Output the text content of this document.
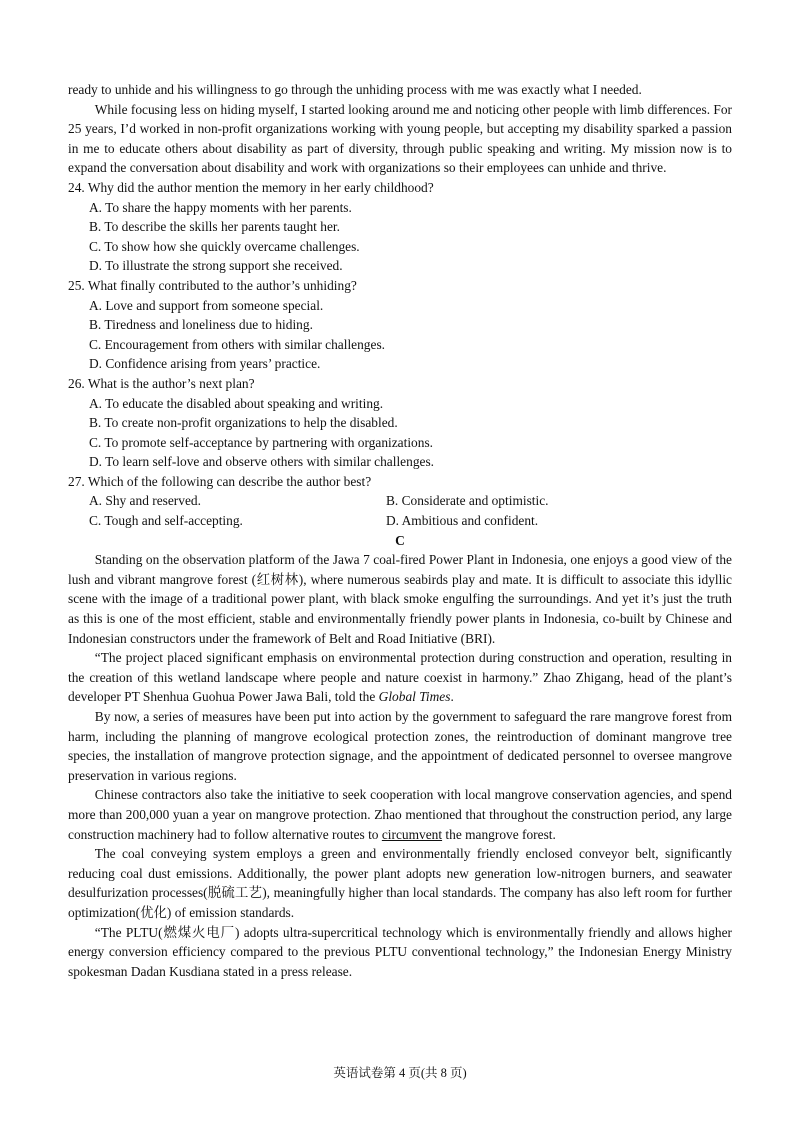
ready to unhide and his willingness to go through the unhiding process with me was exactly what I needed.

While focusing less on hiding myself, I started looking around me and noticing other people with limb differences. For 25 years, I’d worked in non-profit organizations working with young people, but accepting my disability sparked a passion in me to educate others about disability as part of diversity, through public speaking and writing. My mission now is to expand the conversation about disability and work with organizations so their employees can unhide and thrive.

24. Why did the author mention the memory in her early childhood?

A. To share the happy moments with her parents.

B. To describe the skills her parents taught her.

C. To show how she quickly overcame challenges.

D. To illustrate the strong support she received.

25. What finally contributed to the author’s unhiding?

A. Love and support from someone special.

B. Tiredness and loneliness due to hiding.

C. Encouragement from others with similar challenges.

D. Confidence arising from years’ practice.

26. What is the author’s next plan?

A. To educate the disabled about speaking and writing.

B. To create non-profit organizations to help the disabled.

C. To promote self-acceptance by partnering with organizations.

D. To learn self-love and observe others with similar challenges.

27. Which of the following can describe the author best?

A. Shy and reserved.	B. Considerate and optimistic.
C. Tough and self-accepting.	D. Ambitious and confident.

C

Standing on the observation platform of the Jawa 7 coal-fired Power Plant in Indonesia, one enjoys a good view of the lush and vibrant mangrove forest (红树林), where numerous seabirds play and mate. It is difficult to associate this idyllic scene with the image of a traditional power plant, with black smoke engulfing the surroundings. And yet it’s just the truth as this is one of the most efficient, stable and environmentally friendly power plants in Indonesia, co-built by Chinese and Indonesian constructors under the framework of Belt and Road Initiative (BRI).

“The project placed significant emphasis on environmental protection during construction and operation, resulting in the creation of this wetland landscape where people and nature coexist in harmony.” Zhao Zhigang, head of the plant’s developer PT Shenhua Guohua Power Jawa Bali, told the Global Times.

By now, a series of measures have been put into action by the government to safeguard the rare mangrove forest from harm, including the planning of mangrove ecological protection zones, the reintroduction of dominant mangrove tree species, the installation of mangrove protection signage, and the appointment of dedicated personnel to oversee mangrove preservation in various regions.

Chinese contractors also take the initiative to seek cooperation with local mangrove conservation agencies, and spend more than 200,000 yuan a year on mangrove protection. Zhao mentioned that throughout the construction period, any large construction machinery had to follow alternative routes to circumvent the mangrove forest.

The coal conveying system employs a green and environmentally friendly enclosed conveyor belt, significantly reducing coal dust emissions. Additionally, the power plant adopts new generation low-nitrogen burners, and seawater desulfurization processes(脱硫工艺), meaningfully higher than local standards. The company has also left room for further optimization(优化) of emission standards.

“The PLTU(燃煤火电厂) adopts ultra-supercritical technology which is environmentally friendly and allows higher energy conversion efficiency compared to the previous PLTU conventional technology,” the Indonesian Energy Ministry spokesman Dadan Kusdiana stated in a press release.

英语试卷第 4 页(共 8 页)
